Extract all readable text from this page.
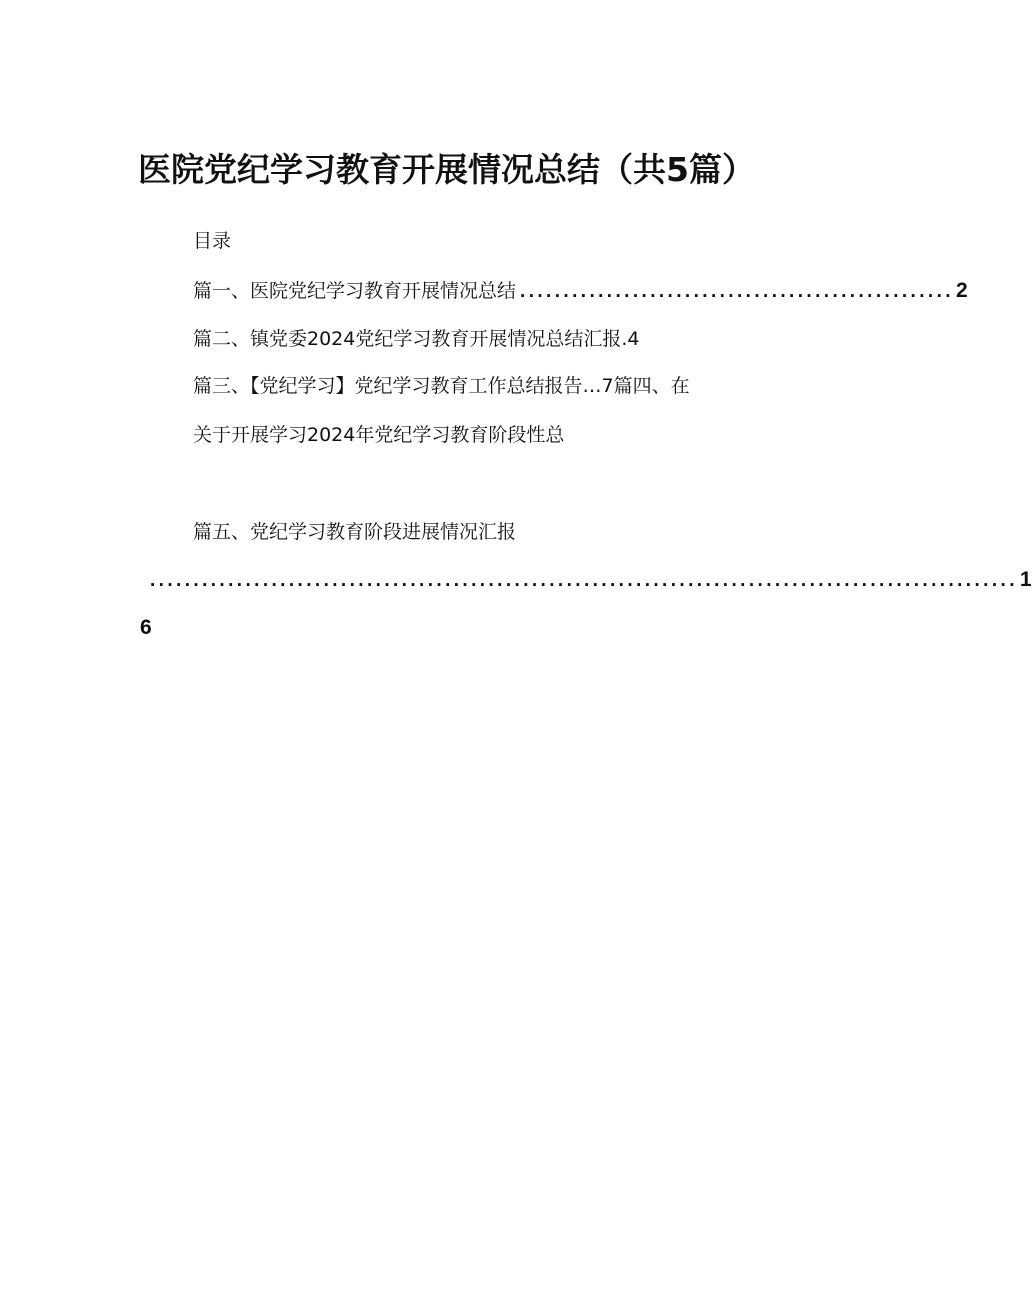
医院党纪学习教育开展情况总结（共5篇）
目录
篇一、医院党纪学习教育开展情况总结 .................................................. 2
篇二、镇党委2024党纪学习教育开展情况总结汇报.4
篇三、【党纪学习】党纪学习教育工作总结报告…7篇四、在
关于开展学习2024年党纪学习教育阶段性总
篇五、党纪学习教育阶段进展情况汇报
.................................................................................................... 1
6
